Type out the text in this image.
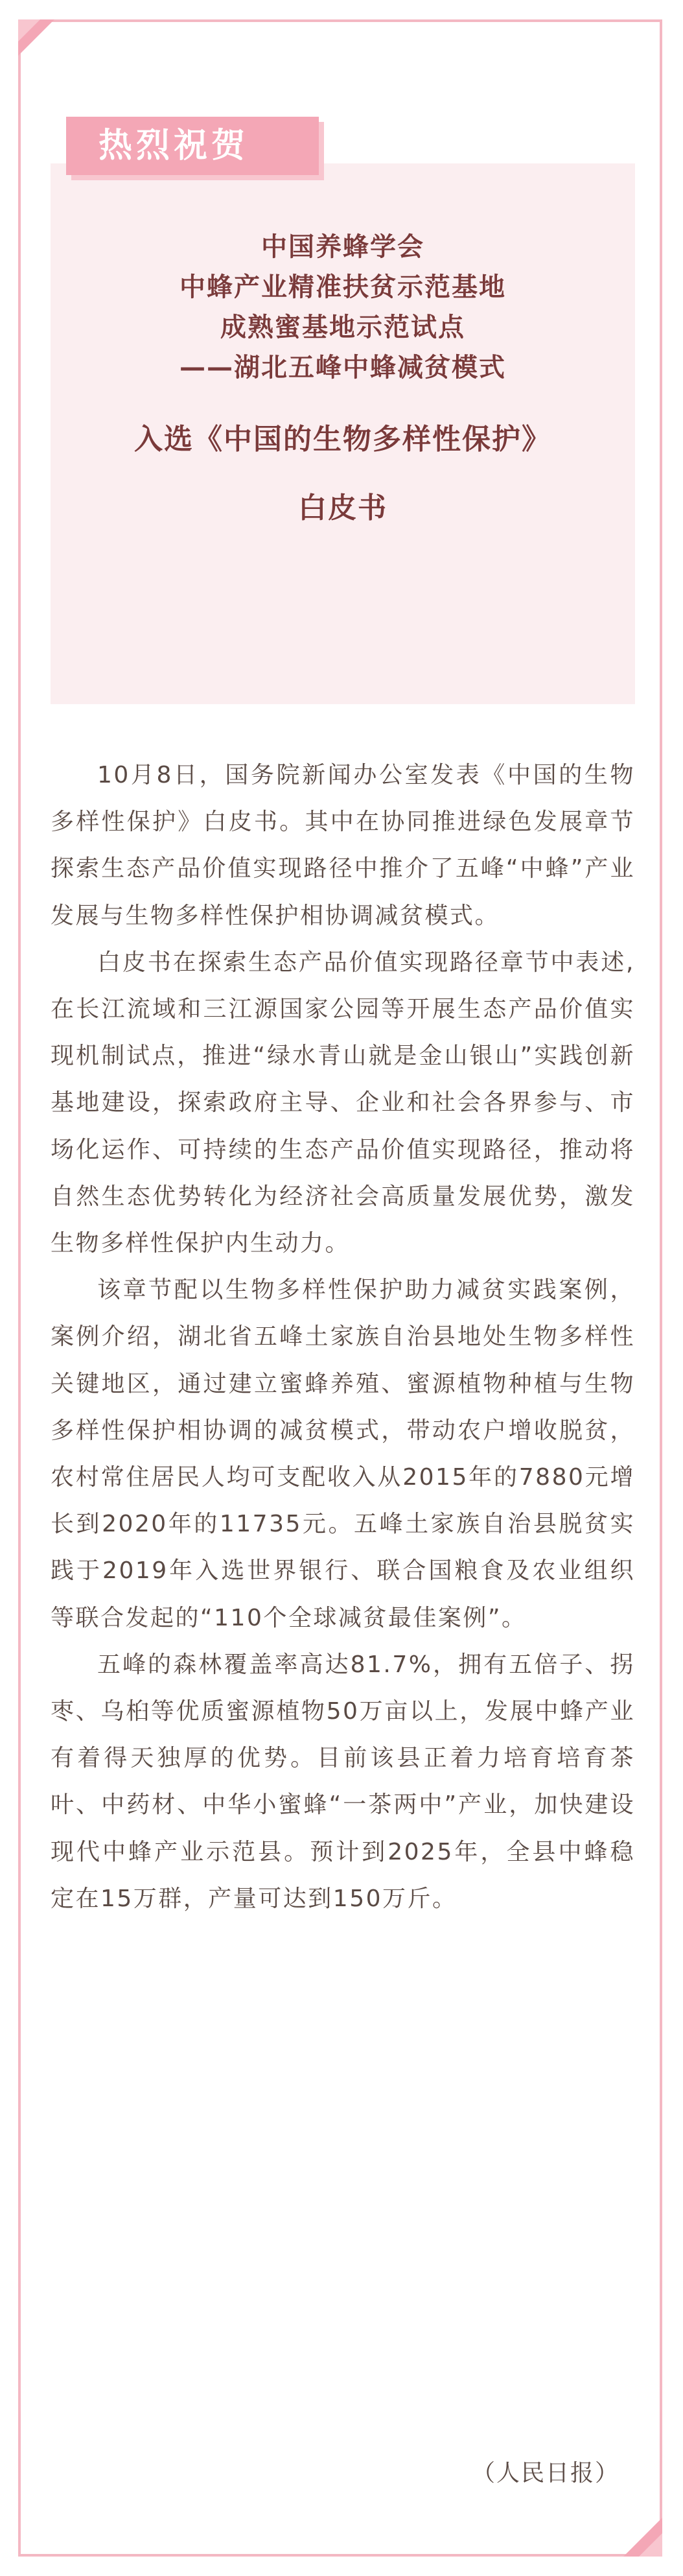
热烈祝贺
中国养蜂学会
中蜂产业精准扶贫示范基地
成熟蜜基地示范试点
——湖北五峰中蜂减贫模式
入选《中国的生物多样性保护》
白皮书

10月8日，国务院新闻办公室发表《中国的生物多样性保护》白皮书。其中在协同推进绿色发展章节探索生态产品价值实现路径中推介了五峰“中蜂”产业发展与生物多样性保护相协调减贫模式。

白皮书在探索生态产品价值实现路径章节中表述,在长江流域和三江源国家公园等开展生态产品价值实现机制试点，推进“绿水青山就是金山银山”实践创新基地建设，探索政府主导、企业和社会各界参与、市场化运作、可持续的生态产品价值实现路径，推动将自然生态优势转化为经济社会高质量发展优势，激发生物多样性保护内生动力。

该章节配以生物多样性保护助力减贫实践案例，案例介绍，湖北省五峰土家族自治县地处生物多样性关键地区，通过建立蜜蜂养殖、蜜源植物种植与生物多样性保护相协调的减贫模式，带动农户增收脱贫，农村常住居民人均可支配收入从2015年的7880元增长到2020年的11735元。五峰土家族自治县脱贫实践于2019年入选世界银行、联合国粮食及农业组织等联合发起的“110个全球减贫最佳案例”。

五峰的森林覆盖率高达81.7%，拥有五倍子、拐枣、乌桕等优质蜜源植物50万亩以上，发展中蜂产业有着得天独厚的优势。目前该县正着力培育培育茶叶、中药材、中华小蜜蜂“一茶两中”产业，加快建设现代中蜂产业示范县。预计到2025年，全县中蜂稳定在15万群，产量可达到150万斤。

（人民日报）
